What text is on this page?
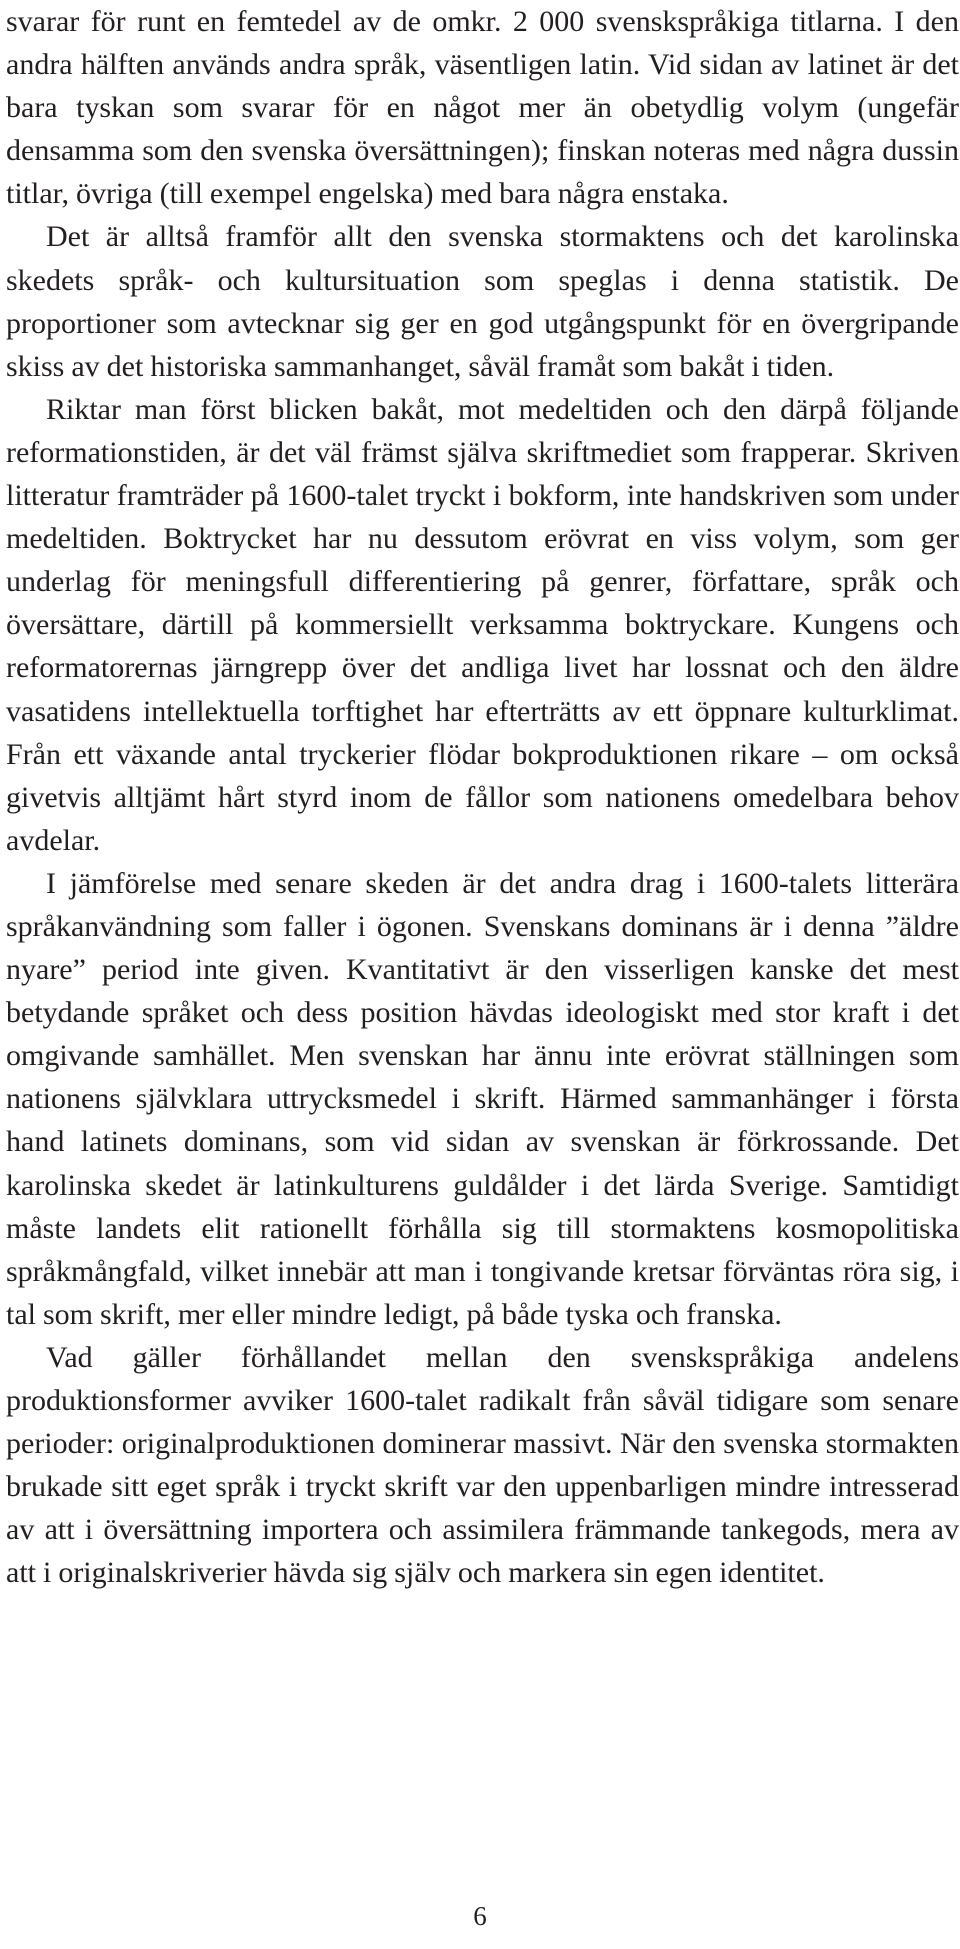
svarar för runt en femtedel av de omkr. 2 000 svenskspråkiga titlarna. I den andra hälften används andra språk, väsentligen latin. Vid sidan av latinet är det bara tyskan som svarar för en något mer än obetydlig volym (ungefär densamma som den svenska översättningen); finskan noteras med några dussin titlar, övriga (till exempel engelska) med bara några enstaka.

Det är alltså framför allt den svenska stormaktens och det karolinska skedets språk- och kultursituation som speglas i denna statistik. De proportioner som avtecknar sig ger en god utgångspunkt för en övergripande skiss av det historiska sammanhanget, såväl framåt som bakåt i tiden.

Riktar man först blicken bakåt, mot medeltiden och den därpå följande reformationstiden, är det väl främst själva skriftmediet som frapperar. Skriven litteratur framträder på 1600-talet tryckt i bokform, inte handskriven som under medeltiden. Boktrycket har nu dessutom erövrat en viss volym, som ger underlag för meningsfull differentiering på genrer, författare, språk och översättare, därtill på kommersiellt verksamma boktryckare. Kungens och reformatorernas järngrepp över det andliga livet har lossnat och den äldre vasatidens intellektuella torftighet har efterträtts av ett öppnare kulturklimat. Från ett växande antal tryckerier flödar bokproduktionen rikare – om också givetvis alltjämt hårt styrd inom de fållor som nationens omedelbara behov avdelar.

I jämförelse med senare skeden är det andra drag i 1600-talets litterära språkanvändning som faller i ögonen. Svenskans dominans är i denna ”äldre nyare” period inte given. Kvantitativt är den visserligen kanske det mest betydande språket och dess position hävdas ideologiskt med stor kraft i det omgivande samhället. Men svenskan har ännu inte erövrat ställningen som nationens självklara uttrycksmedel i skrift. Härmed sammanhänger i första hand latinets dominans, som vid sidan av svenskan är förkrossande. Det karolinska skedet är latinkulturens guldålder i det lärda Sverige. Samtidigt måste landets elit rationellt förhålla sig till stormaktens kosmopolitiska språkmångfald, vilket innebär att man i tongivande kretsar förväntas röra sig, i tal som skrift, mer eller mindre ledigt, på både tyska och franska.

Vad gäller förhållandet mellan den svenskspråkiga andelens produktionsformer avviker 1600-talet radikalt från såväl tidigare som senare perioder: originalproduktionen dominerar massivt. När den svenska stormakten brukade sitt eget språk i tryckt skrift var den uppenbarligen mindre intresserad av att i översättning importera och assimilera främmande tankegods, mera av att i originalskriverier hävda sig själv och markera sin egen identitet.

6
